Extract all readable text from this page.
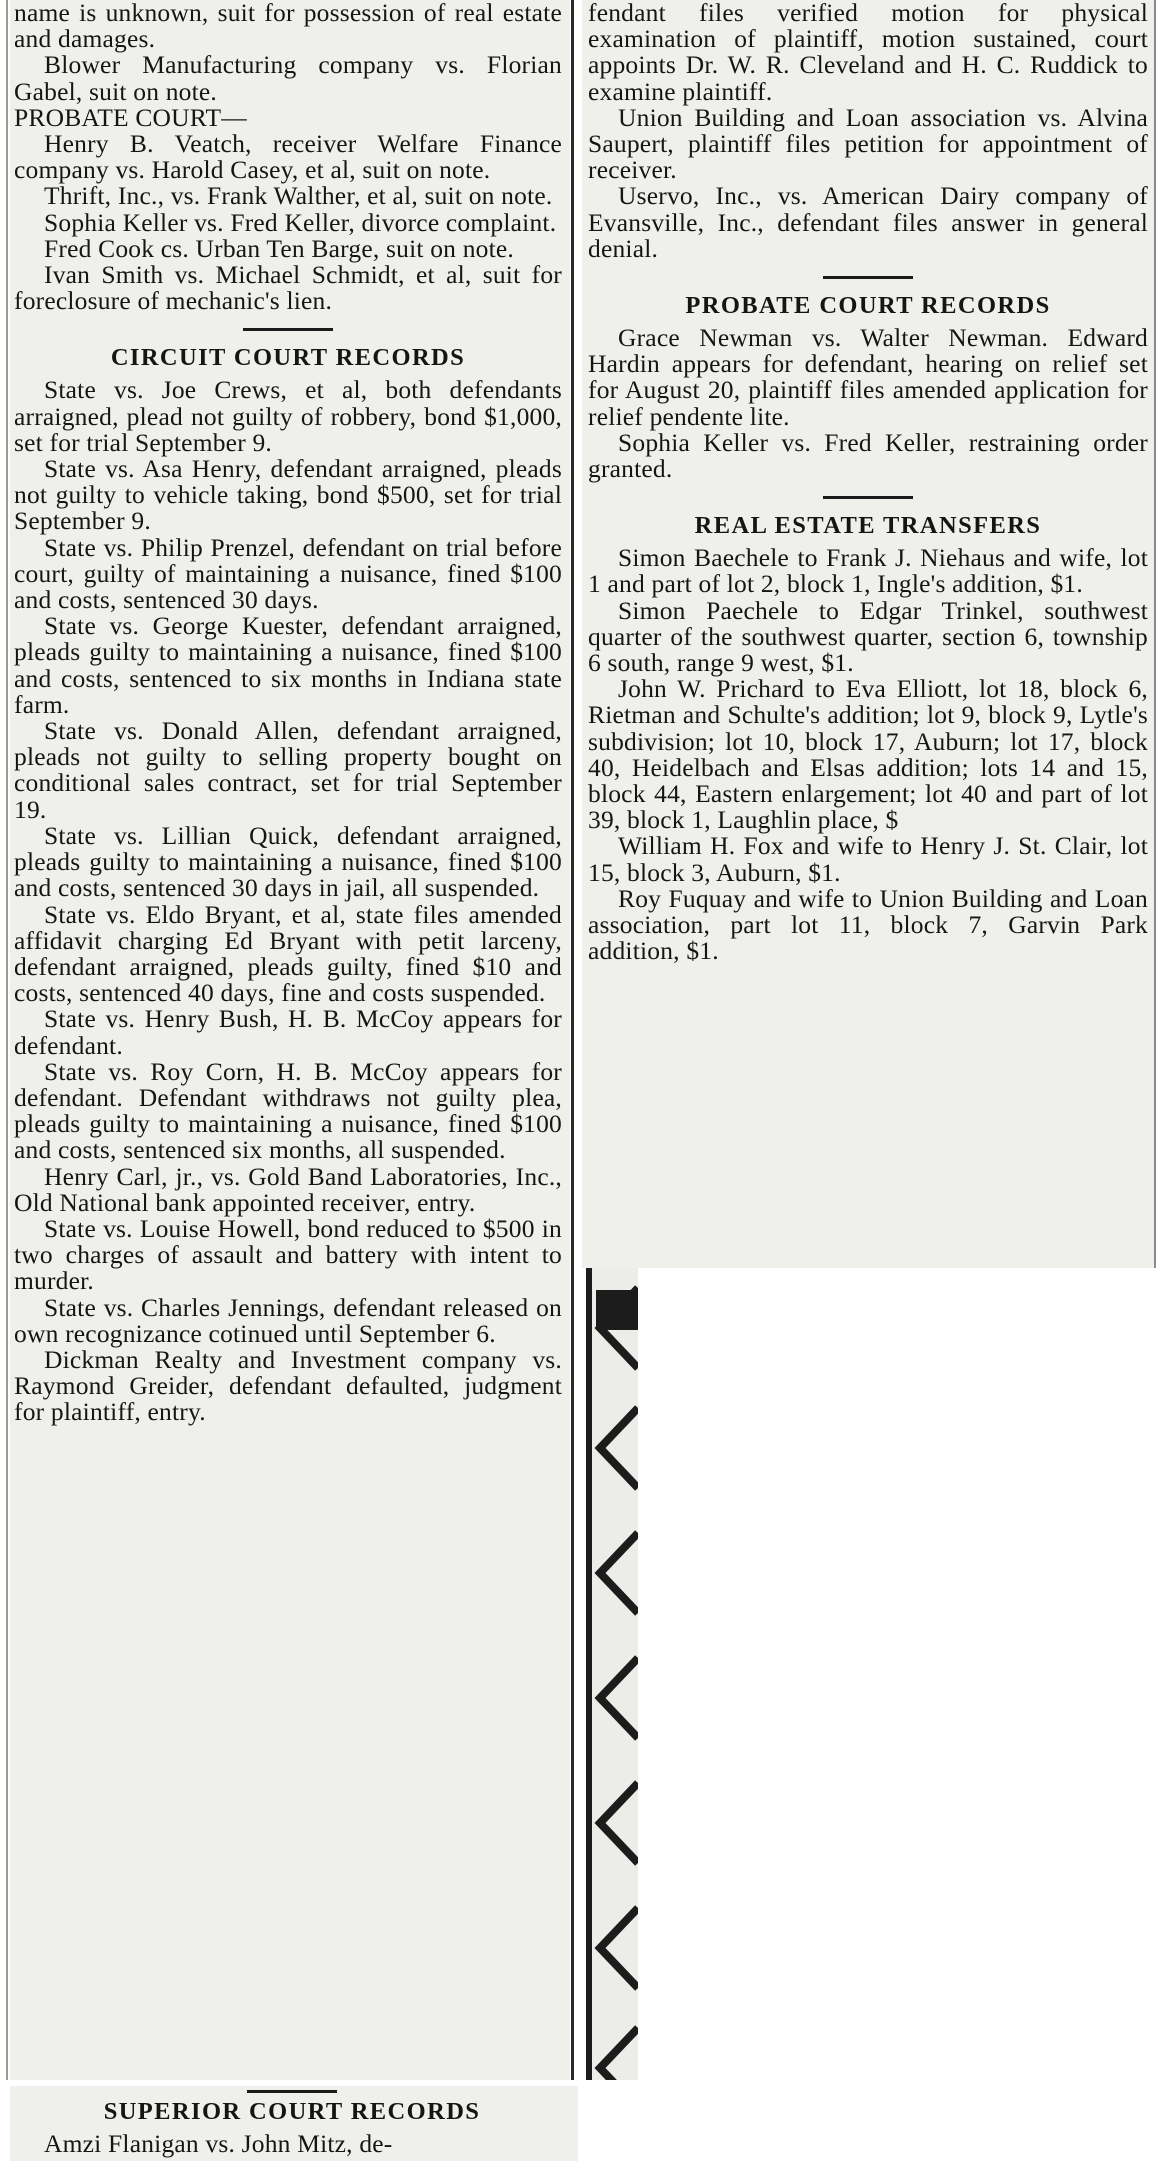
name is unknown, suit for possession of real estate and damages.

Blower Manufacturing company vs. Florian Gabel, suit on note.

PROBATE COURT—

Henry B. Veatch, receiver Welfare Finance company vs. Harold Casey, et al, suit on note.

Thrift, Inc., vs. Frank Walther, et al, suit on note.

Sophia Keller vs. Fred Keller, divorce complaint.

Fred Cook cs. Urban Ten Barge, suit on note.

Ivan Smith vs. Michael Schmidt, et al, suit for foreclosure of mechanic's lien.

CIRCUIT COURT RECORDS

State vs. Joe Crews, et al, both defendants arraigned, plead not guilty of robbery, bond $1,000, set for trial September 9.

State vs. Asa Henry, defendant arraigned, pleads not guilty to vehicle taking, bond $500, set for trial September 9.

State vs. Philip Prenzel, defendant on trial before court, guilty of maintaining a nuisance, fined $100 and costs, sentenced 30 days.

State vs. George Kuester, defendant arraigned, pleads guilty to maintaining a nuisance, fined $100 and costs, sentenced to six months in Indiana state farm.

State vs. Donald Allen, defendant arraigned, pleads not guilty to selling property bought on conditional sales contract, set for trial September 19.

State vs. Lillian Quick, defendant arraigned, pleads guilty to maintaining a nuisance, fined $100 and costs, sentenced 30 days in jail, all suspended.

State vs. Eldo Bryant, et al, state files amended affidavit charging Ed Bryant with petit larceny, defendant arraigned, pleads guilty, fined $10 and costs, sentenced 40 days, fine and costs suspended.

State vs. Henry Bush, H. B. McCoy appears for defendant.

State vs. Roy Corn, H. B. McCoy appears for defendant. Defendant withdraws not guilty plea, pleads guilty to maintaining a nuisance, fined $100 and costs, sentenced six months, all suspended.

Henry Carl, jr., vs. Gold Band Laboratories, Inc., Old National bank appointed receiver, entry.

State vs. Louise Howell, bond reduced to $500 in two charges of assault and battery with intent to murder.

State vs. Charles Jennings, defendant released on own recognizance cotinued until September 6.

Dickman Realty and Investment company vs. Raymond Greider, defendant defaulted, judgment for plaintiff, entry.

fendant files verified motion for physical examination of plaintiff, motion sustained, court appoints Dr. W. R. Cleveland and H. C. Ruddick to examine plaintiff.

Union Building and Loan association vs. Alvina Saupert, plaintiff files petition for appointment of receiver.

Uservo, Inc., vs. American Dairy company of Evansville, Inc., defendant files answer in general denial.

PROBATE COURT RECORDS

Grace Newman vs. Walter Newman. Edward Hardin appears for defendant, hearing on relief set for August 20, plaintiff files amended application for relief pendente lite.

Sophia Keller vs. Fred Keller, restraining order granted.

REAL ESTATE TRANSFERS

Simon Baechele to Frank J. Niehaus and wife, lot 1 and part of lot 2, block 1, Ingle's addition, $1.

Simon Paechele to Edgar Trinkel, southwest quarter of the southwest quarter, section 6, township 6 south, range 9 west, $1.

John W. Prichard to Eva Elliott, lot 18, block 6, Rietman and Schulte's addition; lot 9, block 9, Lytle's subdivision; lot 10, block 17, Auburn; lot 17, block 40, Heidelbach and Elsas addition; lots 14 and 15, block 44, Eastern enlargement; lot 40 and part of lot 39, block 1, Laughlin place, $

William H. Fox and wife to Henry J. St. Clair, lot 15, block 3, Auburn, $1.

Roy Fuquay and wife to Union Building and Loan association, part lot 11, block 7, Garvin Park addition, $1.

SUPERIOR COURT RECORDS

Amzi Flanigan vs. John Mitz, de-
